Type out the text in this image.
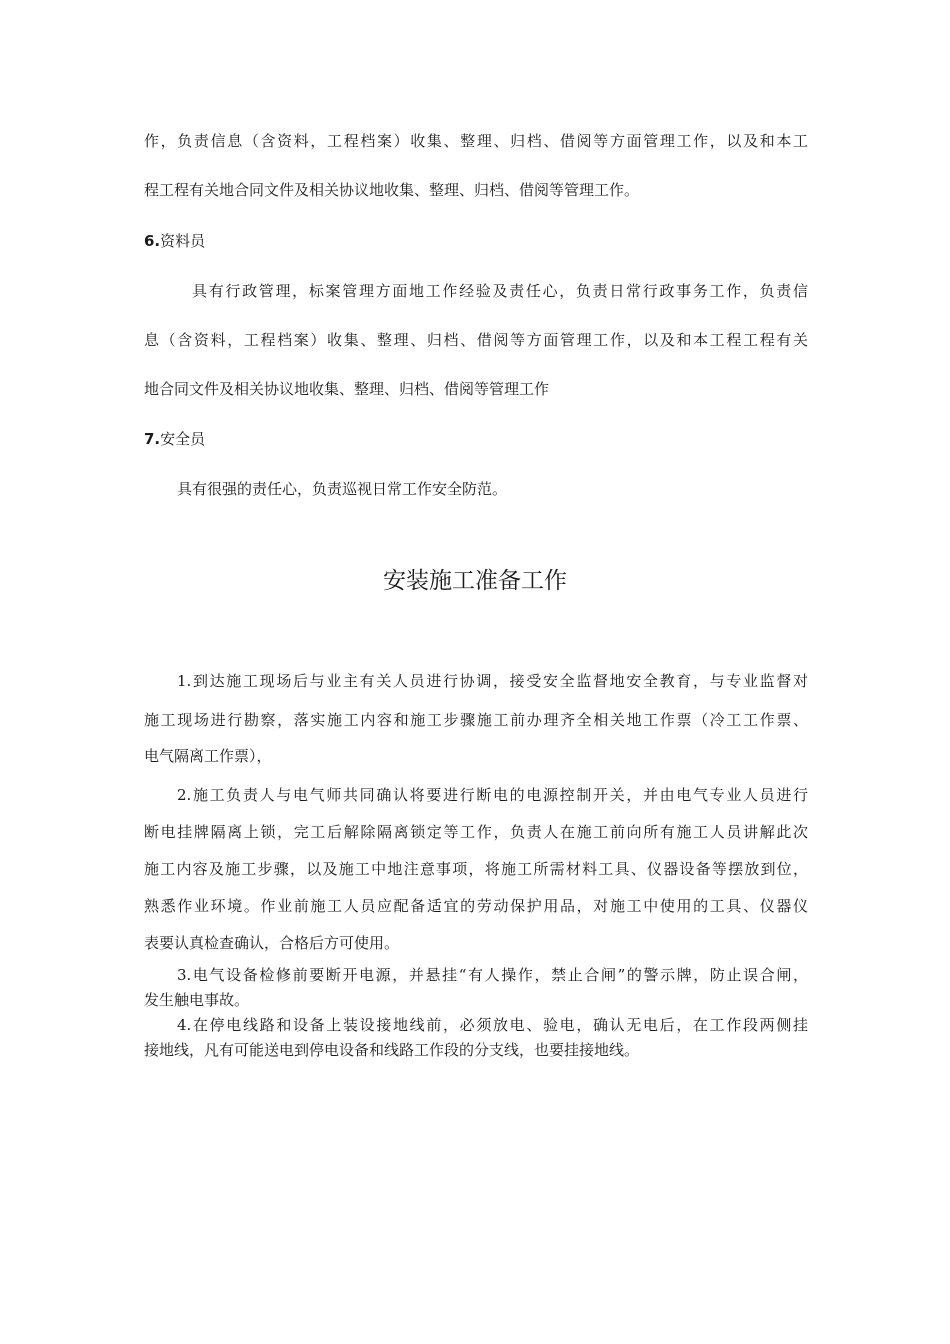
作，负责信息（含资料，工程档案）收集、整理、归档、借阅等方面管理工作，以及和本工
程工程有关地合同文件及相关协议地收集、整理、归档、借阅等管理工作。
6.资料员
具有行政管理，标案管理方面地工作经验及责任心，负责日常行政事务工作，负责信
息（含资料，工程档案）收集、整理、归档、借阅等方面管理工作，以及和本工程工程有关
地合同文件及相关协议地收集、整理、归档、借阅等管理工作
7.安全员
具有很强的责任心，负责巡视日常工作安全防范。
安装施工准备工作
1.到达施工现场后与业主有关人员进行协调，接受安全监督地安全教育，与专业监督对
施工现场进行勘察，落实施工内容和施工步骤施工前办理齐全相关地工作票（冷工工作票、
电气隔离工作票），
2.施工负责人与电气师共同确认将要进行断电的电源控制开关，并由电气专业人员进行
断电挂牌隔离上锁，完工后解除隔离锁定等工作，负责人在施工前向所有施工人员讲解此次
施工内容及施工步骤，以及施工中地注意事项，将施工所需材料工具、仪器设备等摆放到位，
熟悉作业环境。作业前施工人员应配备适宜的劳动保护用品，对施工中使用的工具、仪器仪
表要认真检查确认，合格后方可使用。
3.电气设备检修前要断开电源，并悬挂“有人操作，禁止合闸”的警示牌，防止误合闸，
发生触电事故。
4.在停电线路和设备上装设接地线前，必须放电、验电，确认无电后，在工作段两侧挂
接地线，凡有可能送电到停电设备和线路工作段的分支线，也要挂接地线。
